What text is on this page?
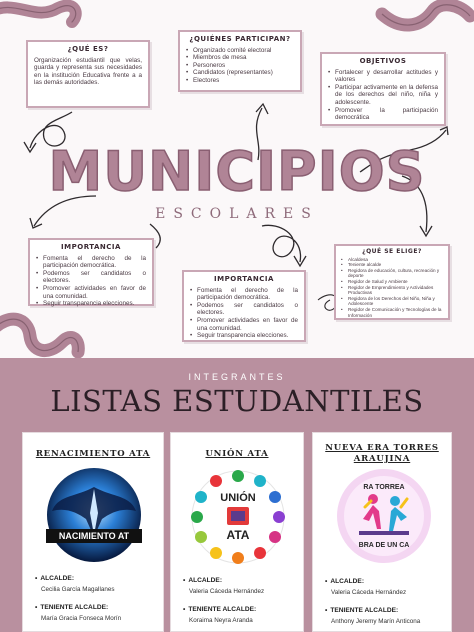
¿QUÉ ES?

Organización estudiantil que velas, guarda y representa sus necesidades en la institución Educativa frente a a las demás autoridades.

¿QUIÉNES PARTICIPAN?
• Organizado comité electoral
• Miembros de mesa
• Personeros
• Candidatos (representantes)
• Electores
OBJETIVOS
• Fortalecer y desarrollar actitudes y valores
• Participar activamente en la defensa de los derechos del niño, niña y adolescente.
• Promover la participación democrática
MUNICIPIOS
ESCOLARES
IMPORTANCIA
• Fomenta el derecho de la participación democrática.
• Podemos ser candidatos o electores.
• Promover actividades en favor de una comunidad.
• Seguir transparencia elecciones.
IMPORTANCIA
• Fomenta el derecho de la participación democrática.
• Podemos ser candidatos o electores.
• Promover actividades en favor de una comunidad.
• Seguir transparencia elecciones.
¿QUÉ SE ELIGE?
• Alcaldesa
• Teniente alcalde
• Regidora de educación, cultura, recreación y deporte
• Regidor de Salud y Ambiente
• Regidor de Emprendimiento y Actividades Productivas
• Regidora de los Derechos del Niño, Niña y Adolescente
• Regidor de Comunicación y Tecnologías de la Información
INTEGRANTES
LISTAS ESTUDANTILES
RENACIMIENTO ATA
NACIMIENTO AT
• ALCALDE:
Cecilia García Magallanes
• TENIENTE ALCALDE:
María Gracia Fonseca Morín
UNIÓN ATA
UNIÓN
ATA
• ALCALDE:
Valeria Cáceda Hernández
• TENIENTE ALCALDE:
Koraima Neyra Aranda
NUEVA ERA TORRES
ARAUJINA
RA TORREA
BRA DE UN CA
• ALCALDE:
Valeria Cáceda Hernández
• TENIENTE ALCALDE:
Anthony Jeremy Marín Anticona
